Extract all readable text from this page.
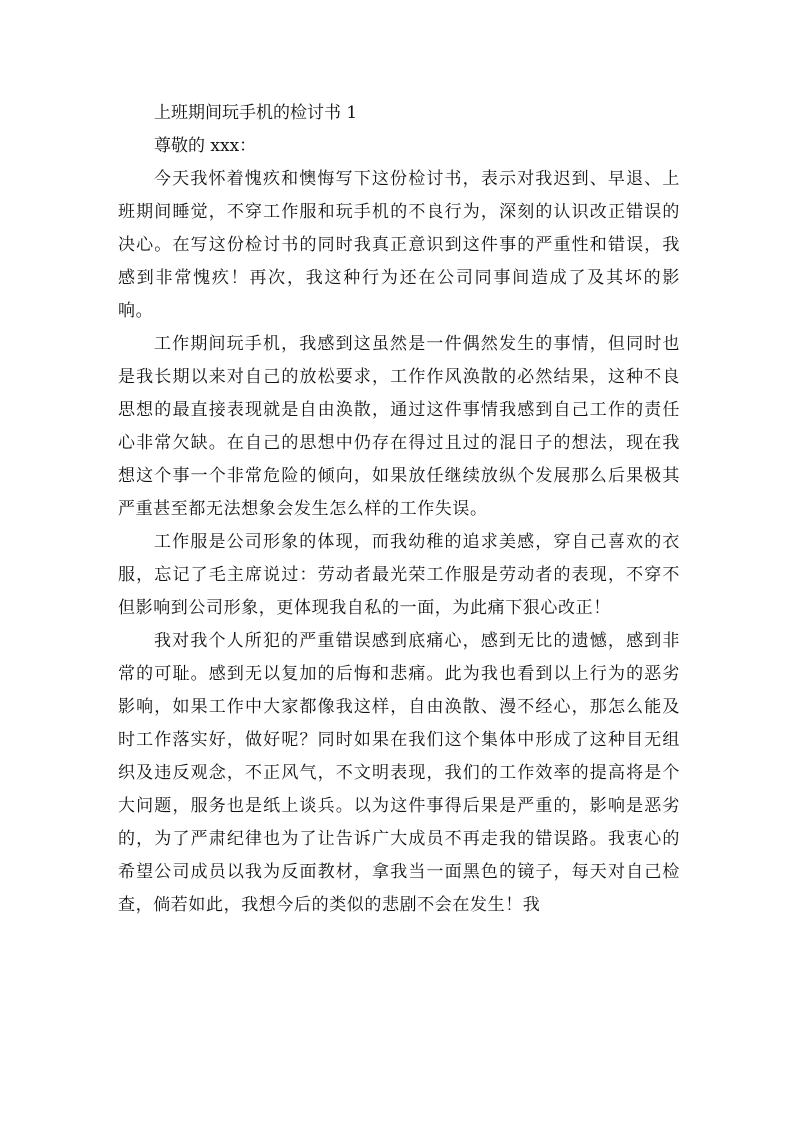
上班期间玩手机的检讨书 1

尊敬的 xxx：

今天我怀着愧疚和懊悔写下这份检讨书，表示对我迟到、早退、上班期间睡觉，不穿工作服和玩手机的不良行为，深刻的认识改正错误的决心。在写这份检讨书的同时我真正意识到这件事的严重性和错误，我感到非常愧疚！再次，我这种行为还在公司同事间造成了及其坏的影响。

工作期间玩手机，我感到这虽然是一件偶然发生的事情，但同时也是我长期以来对自己的放松要求，工作作风涣散的必然结果，这种不良思想的最直接表现就是自由涣散，通过这件事情我感到自己工作的责任心非常欠缺。在自己的思想中仍存在得过且过的混日子的想法，现在我想这个事一个非常危险的倾向，如果放任继续放纵个发展那么后果极其严重甚至都无法想象会发生怎么样的工作失误。

工作服是公司形象的体现，而我幼稚的追求美感，穿自己喜欢的衣服，忘记了毛主席说过：劳动者最光荣工作服是劳动者的表现，不穿不但影响到公司形象，更体现我自私的一面，为此痛下狠心改正！

我对我个人所犯的严重错误感到底痛心，感到无比的遗憾，感到非常的可耻。感到无以复加的后悔和悲痛。此为我也看到以上行为的恶劣影响，如果工作中大家都像我这样，自由涣散、漫不经心，那怎么能及时工作落实好，做好呢？同时如果在我们这个集体中形成了这种目无组织及违反观念，不正风气，不文明表现，我们的工作效率的提高将是个大问题，服务也是纸上谈兵。以为这件事得后果是严重的，影响是恶劣的，为了严肃纪律也为了让告诉广大成员不再走我的错误路。我衷心的希望公司成员以我为反面教材，拿我当一面黑色的镜子，每天对自己检查，倘若如此，我想今后的类似的悲剧不会在发生！我
